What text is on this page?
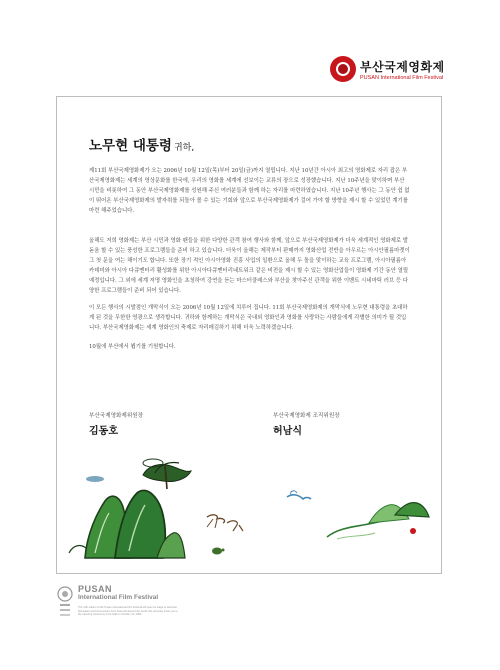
부산국제영화제
PUSAN International Film Festival
노무현 대통령 귀하,
제11회 부산국제영화제가 오는 2006년 10월 12일(목)부터 20일(금)까지 열립니다. 지난 10년간 아시아 최고의 영화제로 자리 잡은 부산국제영화제는 세계의 영상문화를 한국에, 우리의 영화를 세계에 선보이는 교류의 장으로 성장했습니다. 지난 10주년을 맞이하며 부산 시민을 비롯하여 그 동안 부산국제영화제를 성원해 주신 여러분들과 함께 하는 자리를 마련하였습니다. 지난 10주년 행사는 그 동안 쉼 없이 뛰어온 부산국제영화제의 발자취를 되돌아 볼 수 있는 기회와 앞으로 부산국제영화제가 걸어 가야 할 방향을 제시 할 수 있었던 계기를 마련 해주었습니다.
올해도 저희 영화제는 부산 시민과 영화 팬들을 위한 다양한 관객 참여 행사와 함께, 앞으로 부산국제영화제가 더욱 세계적인 영화제로 발 돋움 할 수 있는 풍성한 프로그램들을 준비 하고 있습니다. 더욱이 올해는 제작부터 판매까지 영화산업 전반을 아우르는 아시안필름마켓이 그 첫 문을 여는 해이기도 합니다. 또한 장기 적인 아시아영화 진흥 사업의 일환으로 올해 두 돌을 맞이하는 교육 프로그램, 아시아필름아카데미와 아시아 다큐멘터리 활성화를 위한 아시아다큐멘터리네트워크 같은 비전을 제시 할 수 있는 영화산업들이 영화제 기간 동안 열릴 예정입니다. 그 외에 세계 저명 영화인을 초청하여 강연을 듣는 마스터클래스와 부산을 찾아주신 관객을 위한 이벤트 시네마틱 러브 등 다양한 프로그램들이 준비 되어 있습니다.
이 모든 행사의 시발점인 개막식이 오는 2006년 10월 12일에 치루어 집니다. 11회 부산국제영화제의 개막식에 노무현 대통령을 초대하게 된 것을 무한한 영광으로 생각합니다. 귀하와 함께하는 개막식은 국내외 영화인과 영화를 사랑하는 사람들에게 각별한 의미가 될 것입니다. 부산국제영화제는 세계 영화인의 축제로 자리매김하기 위해 더욱 노력하겠습니다.
10월에 부산에서 뵙기를 기원합니다.
부산국제영화제위원장
김동호
부산국제영화제 조직위원장
허남식
PUSAN
International Film Festival
The 11th edition of the Pusan International Film Festival will open its stage to welcome filmmakers and cinema fans from Asia and around the world. We sincerely invite you to the Opening Ceremony to be held on October 12, 2006.
